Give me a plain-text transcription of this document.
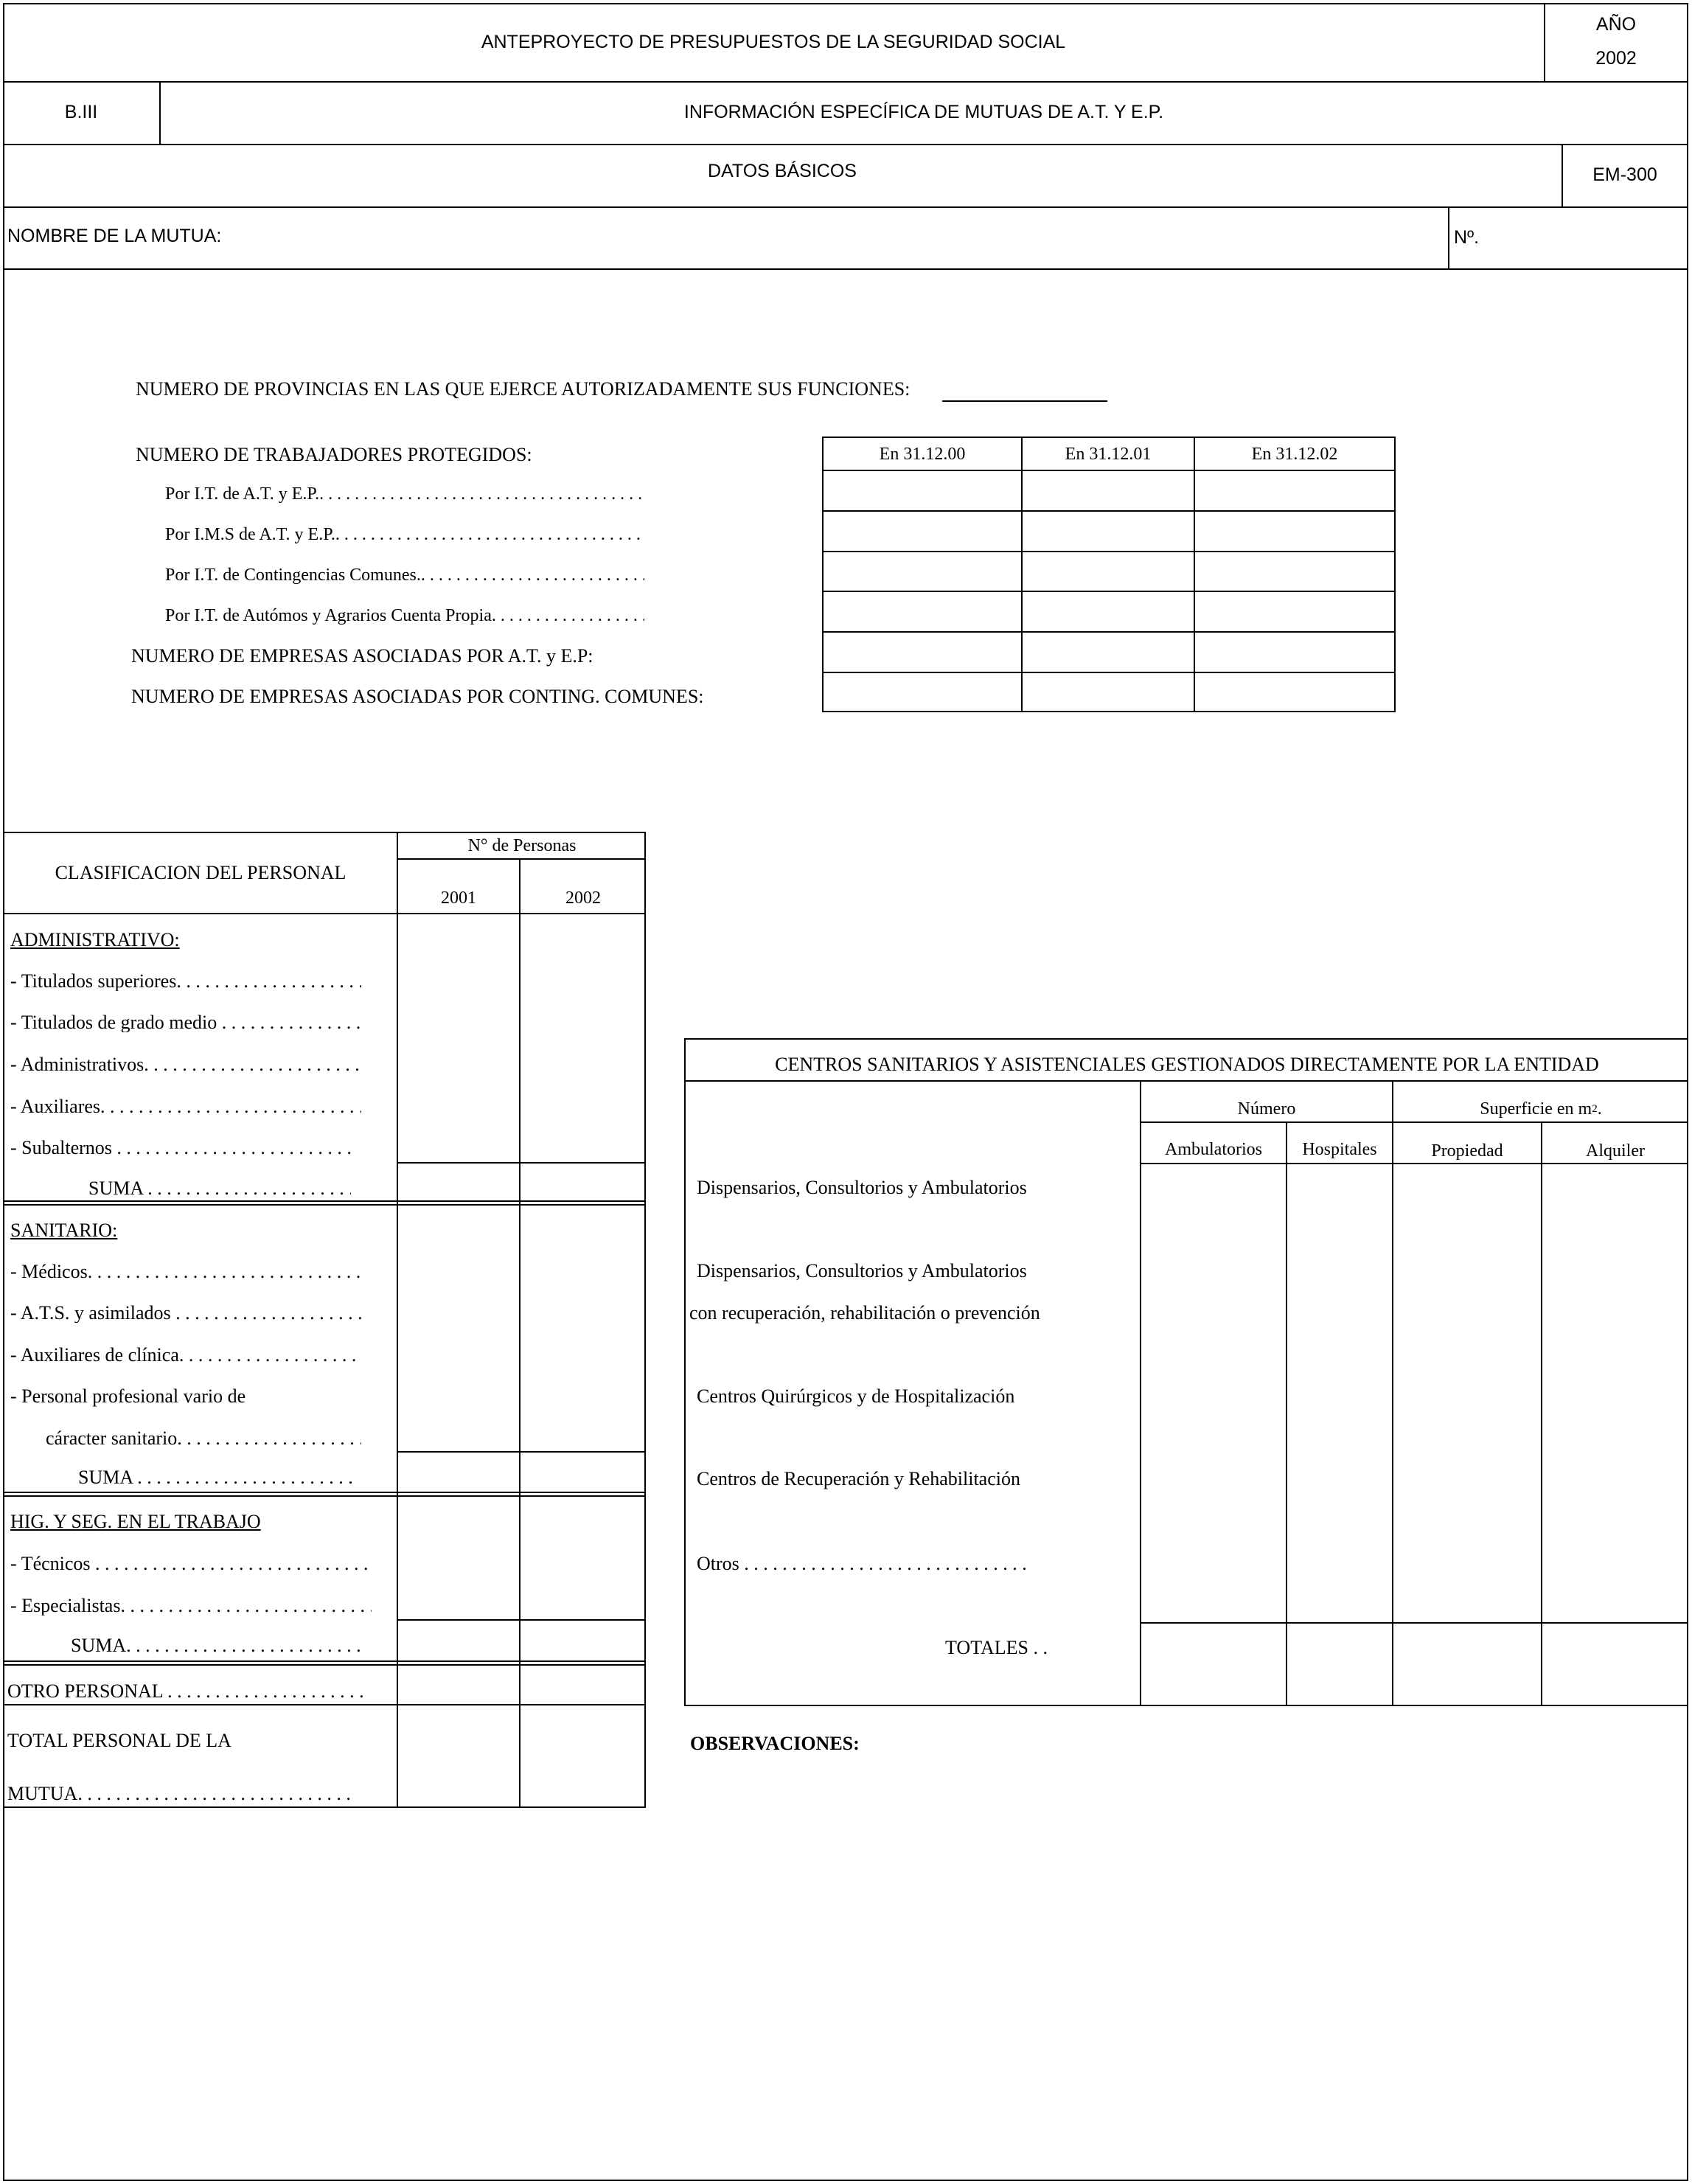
ANTEPROYECTO DE PRESUPUESTOS DE LA SEGURIDAD SOCIAL
AÑO
2002
B.III	INFORMACIÓN ESPECÍFICA DE MUTUAS DE A.T. Y E.P.
DATOS BÁSICOS	EM-300
NOMBRE DE LA MUTUA:	Nº.
NUMERO DE PROVINCIAS EN LAS QUE EJERCE AUTORIZADAMENTE SUS FUNCIONES:
NUMERO DE TRABAJADORES PROTEGIDOS:
Por I.T. de A.T. y E.P.. . . .
Por I.M.S de A.T. y E.P.. . . .
Por I.T. de Contingencias Comunes.. . . .
Por I.T. de Autómos y Agrarios Cuenta Propia. . . .
NUMERO DE EMPRESAS ASOCIADAS POR A.T. y E.P:
NUMERO DE EMPRESAS ASOCIADAS POR CONTING. COMUNES:
En 31.12.00	En 31.12.01	En 31.12.02
CLASIFICACION DEL PERSONAL
N° de Personas
2001	2002
ADMINISTRATIVO:
- Titulados superiores. . . .
- Titulados de grado medio . . .
- Administrativos. . . .
- Auxiliares. . . .
- Subalternos . . .
SUMA . . .
SANITARIO:
- Médicos. . . .
- A.T.S. y asimilados . . .
- Auxiliares de clínica. . . .
- Personal profesional vario de
cáracter sanitario. . . .
SUMA . . .
HIG. Y SEG. EN EL TRABAJO
- Técnicos . . .
- Especialistas. . . .
SUMA. . . .
OTRO PERSONAL . . .
TOTAL PERSONAL DE LA
MUTUA. . . .
CENTROS SANITARIOS Y ASISTENCIALES GESTIONADOS DIRECTAMENTE POR LA ENTIDAD
Número	Superficie en m 2 .
Ambulatorios	Hospitales	Propiedad	Alquiler
Dispensarios, Consultorios y Ambulatorios
Dispensarios, Consultorios y Ambulatorios
con recuperación, rehabilitación o prevención
Centros Quirúrgicos y de Hospitalización
Centros de Recuperación y Rehabilitación
Otros . . .
TOTALES . .
OBSERVACIONES:
